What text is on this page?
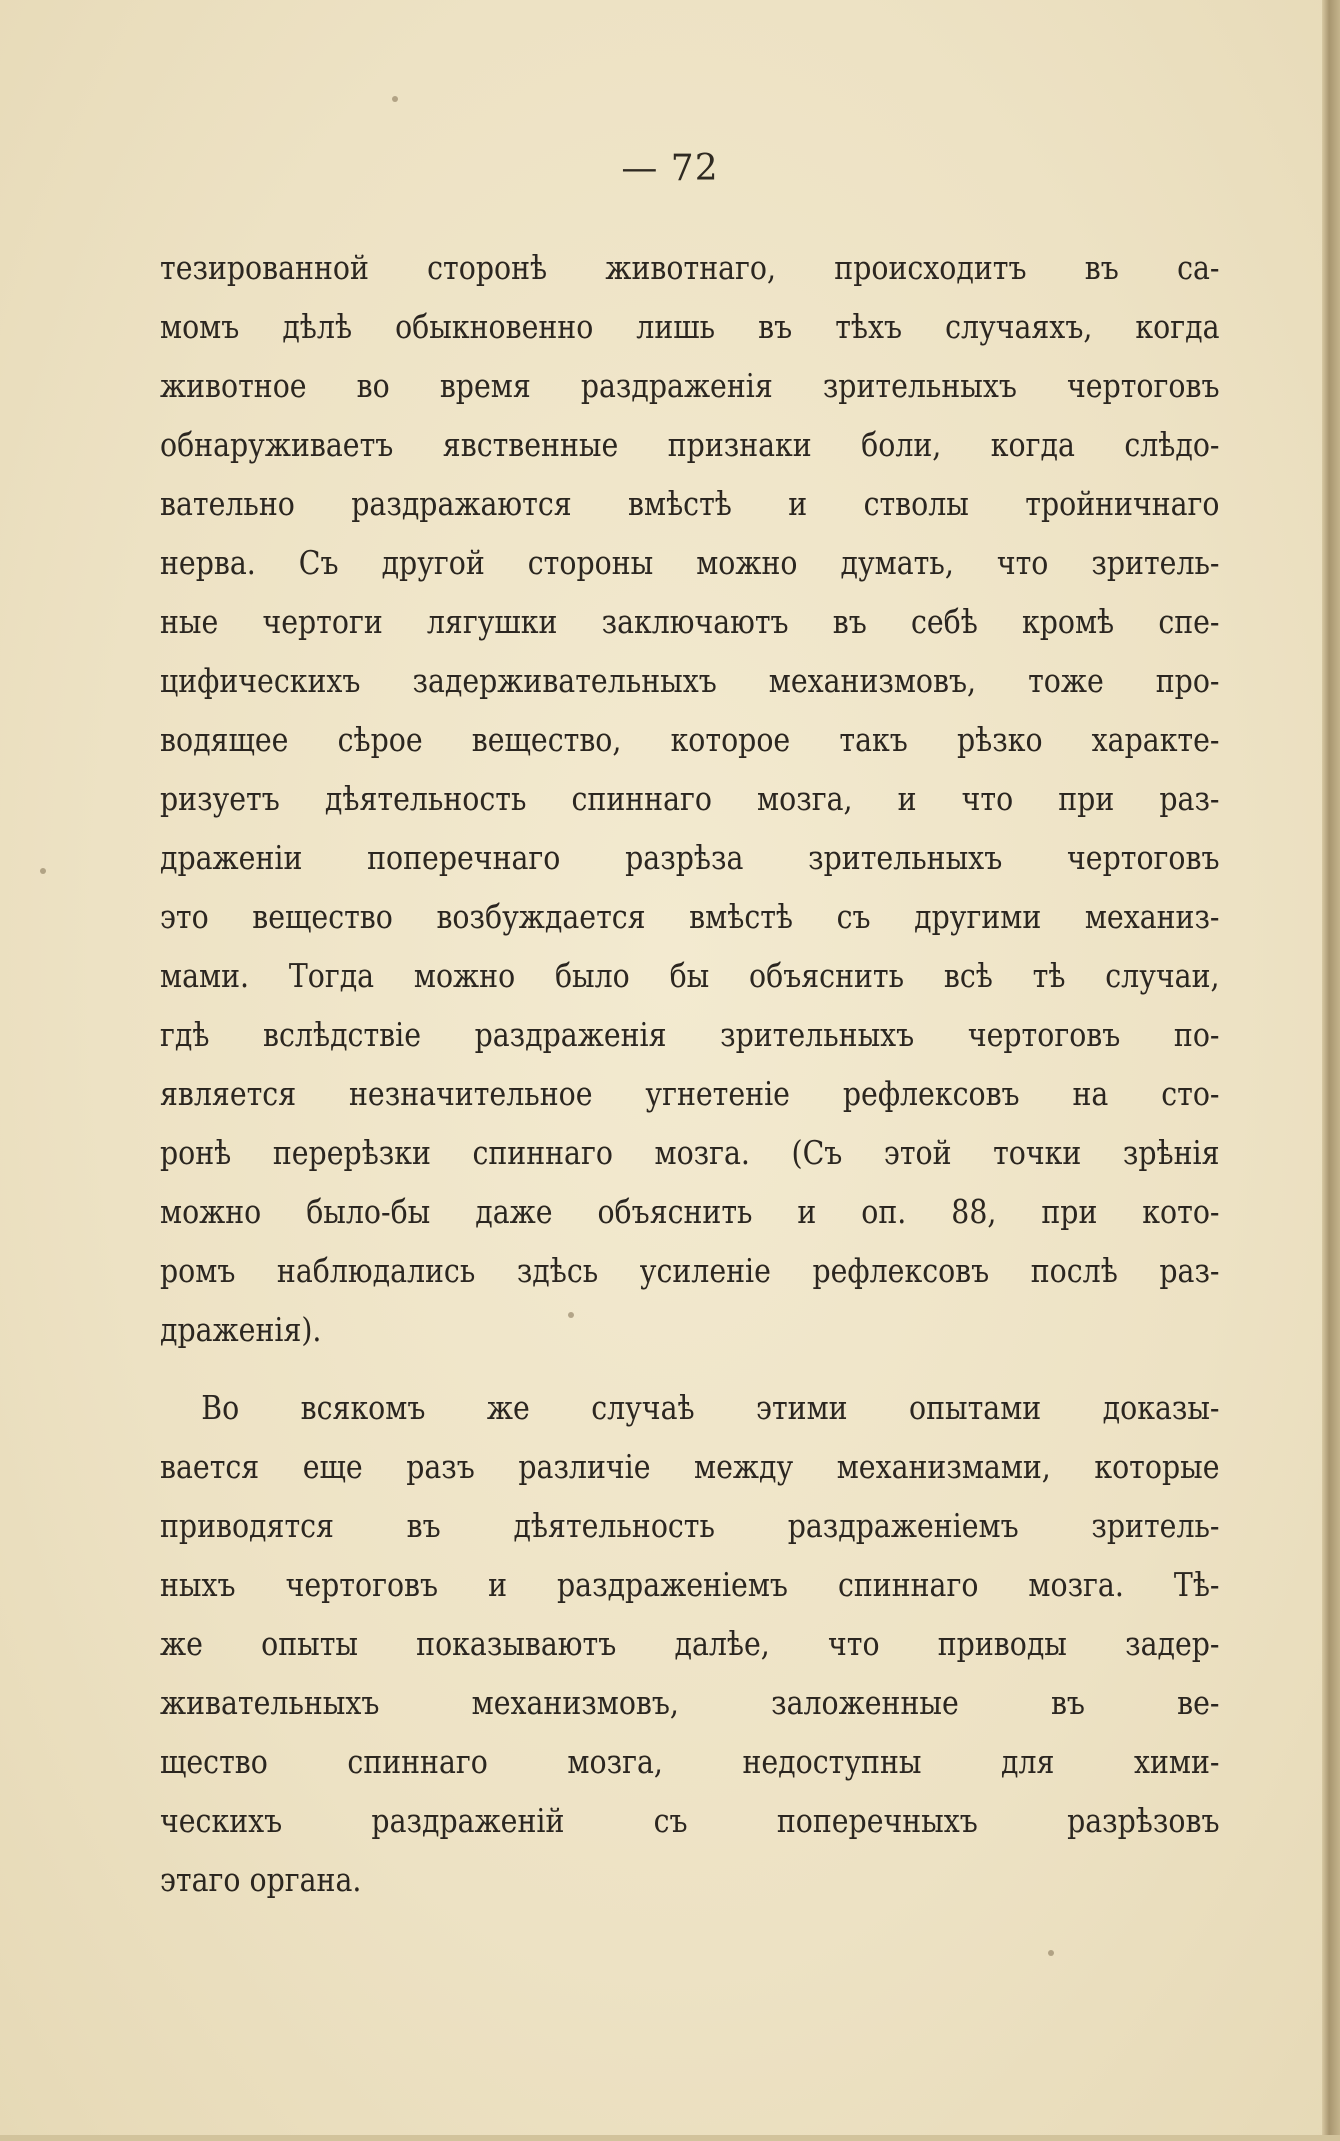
— 72
тезированной сторонѣ животнаго, происходитъ въ са-
момъ дѣлѣ обыкновенно лишь въ тѣхъ случаяхъ, когда
животное во время раздраженія зрительныхъ чертоговъ
обнаруживаетъ явственные признаки боли, когда слѣдо-
вательно раздражаются вмѣстѣ и стволы тройничнаго
нерва. Съ другой стороны можно думать, что зритель-
ные чертоги лягушки заключаютъ въ себѣ кромѣ спе-
цифическихъ задерживательныхъ механизмовъ, тоже про-
водящее сѣрое вещество, которое такъ рѣзко характе-
ризуетъ дѣятельность спиннаго мозга, и что при раз-
драженіи поперечнаго разрѣза зрительныхъ чертоговъ
это вещество возбуждается вмѣстѣ съ другими механиз-
мами. Тогда можно было бы объяснить всѣ тѣ случаи,
гдѣ вслѣдствіе раздраженія зрительныхъ чертоговъ по-
является незначительное угнетеніе рефлексовъ на сто-
ронѣ перерѣзки спиннаго мозга. (Съ этой точки зрѣнія
можно было-бы даже объяснить и оп. 88, при кото-
ромъ наблюдались здѣсь усиленіе рефлексовъ послѣ раз-
драженія).
Во всякомъ же случаѣ этими опытами доказы-
вается еще разъ различіе между механизмами, которые
приводятся въ дѣятельность раздраженіемъ зритель-
ныхъ чертоговъ и раздраженіемъ спиннаго мозга. Тѣ-
же опыты показываютъ далѣе, что приводы задер-
живательныхъ механизмовъ, заложенные въ ве-
щество спиннаго мозга, недоступны для хими-
ческихъ раздраженій съ поперечныхъ разрѣзовъ
этаго органа.
